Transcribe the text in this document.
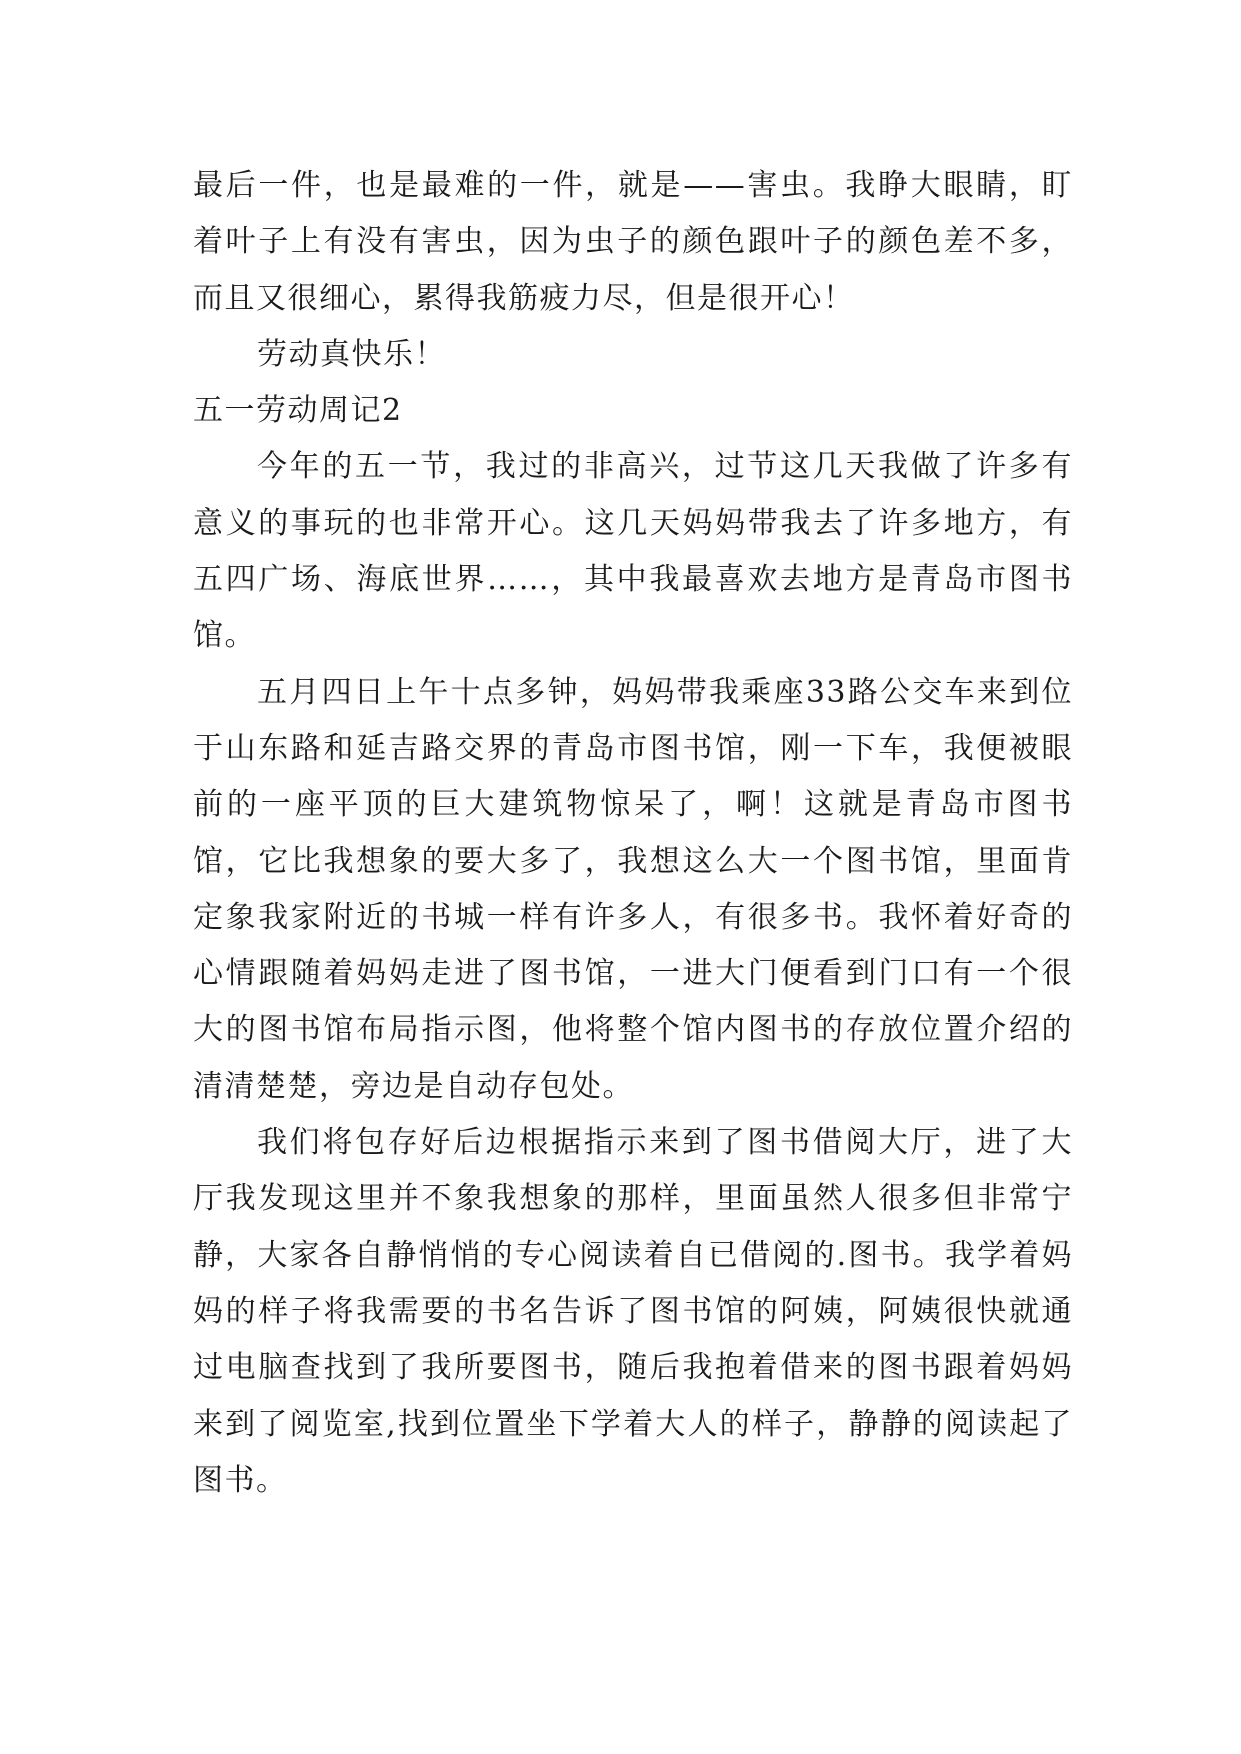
最后一件，也是最难的一件，就是——害虫。我睁大眼睛，盯着叶子上有没有害虫，因为虫子的颜色跟叶子的颜色差不多，而且又很细心，累得我筋疲力尽，但是很开心！

劳动真快乐！

五一劳动周记2

今年的五一节，我过的非高兴，过节这几天我做了许多有意义的事玩的也非常开心。这几天妈妈带我去了许多地方，有五四广场、海底世界……，其中我最喜欢去地方是青岛市图书馆。

五月四日上午十点多钟，妈妈带我乘座33路公交车来到位于山东路和延吉路交界的青岛市图书馆，刚一下车，我便被眼前的一座平顶的巨大建筑物惊呆了，啊！这就是青岛市图书馆，它比我想象的要大多了，我想这么大一个图书馆，里面肯定象我家附近的书城一样有许多人，有很多书。我怀着好奇的心情跟随着妈妈走进了图书馆，一进大门便看到门口有一个很大的图书馆布局指示图，他将整个馆内图书的存放位置介绍的清清楚楚，旁边是自动存包处。

我们将包存好后边根据指示来到了图书借阅大厅，进了大厅我发现这里并不象我想象的那样，里面虽然人很多但非常宁静，大家各自静悄悄的专心阅读着自已借阅的.图书。我学着妈妈的样子将我需要的书名告诉了图书馆的阿姨，阿姨很快就通过电脑查找到了我所要图书，随后我抱着借来的图书跟着妈妈来到了阅览室,找到位置坐下学着大人的样子，静静的阅读起了图书。
